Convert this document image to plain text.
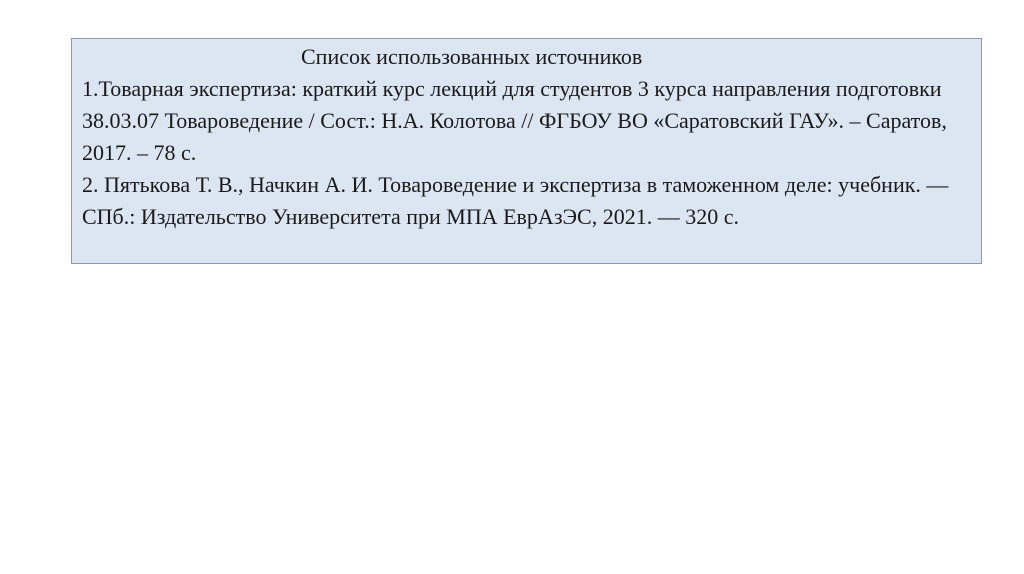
Список использованных источников
1.Товарная экспертиза: краткий курс лекций для студентов 3 курса направления подготовки 38.03.07 Товароведение / Сост.: Н.А. Колотова // ФГБОУ ВО «Саратовский ГАУ». – Саратов, 2017. – 78 с.
2. Пятькова Т. В., Начкин А. И. Товароведение и экспертиза в таможенном деле: учебник. — СПб.: Издательство Университета при МПА ЕврАзЭС, 2021. — 320 с.
